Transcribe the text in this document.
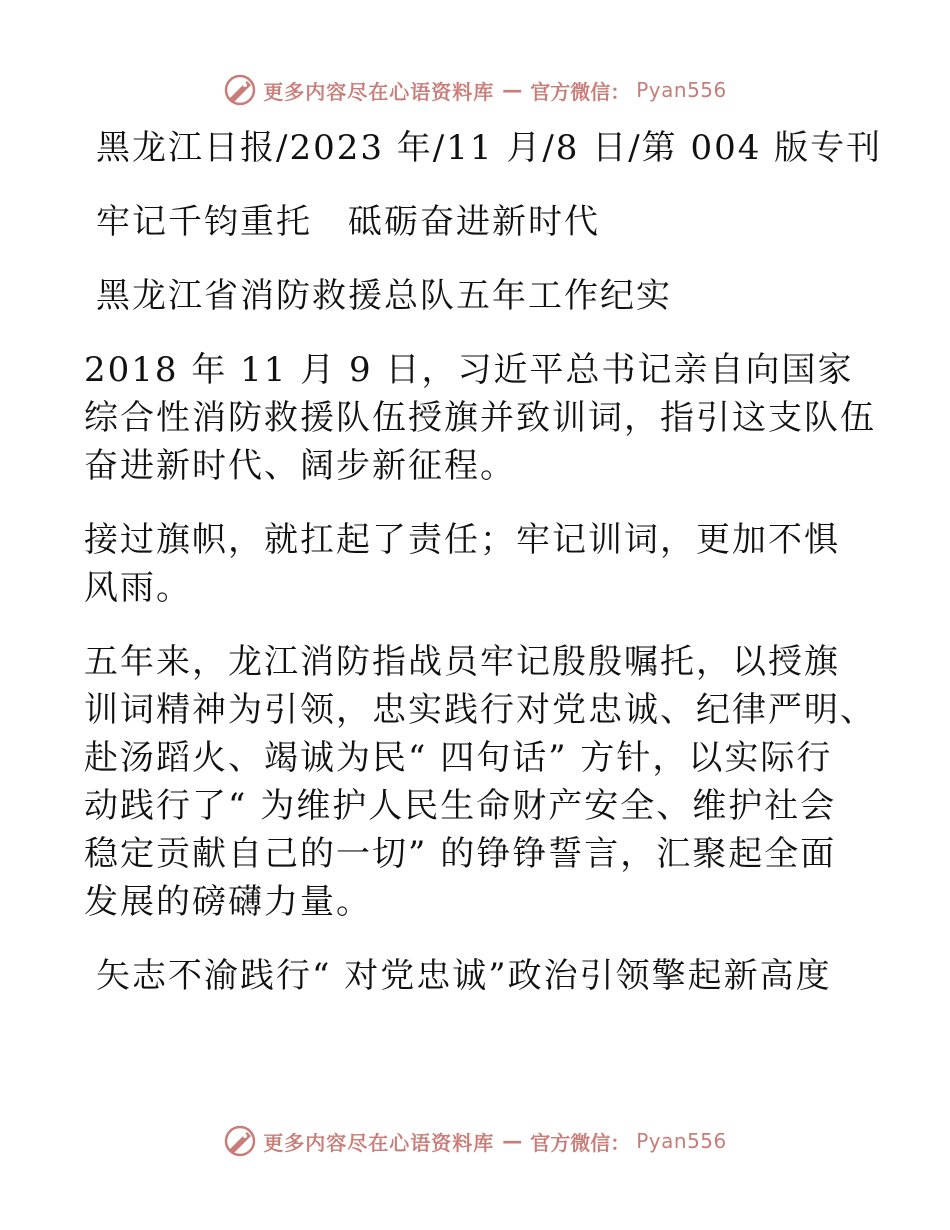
更多内容尽在心语资料库 — 官方微信： Pyan556

黑龙江日报/2023 年/11 月/8 日/第 004 版专刊

牢记千钧重托　砥砺奋进新时代

黑龙江省消防救援总队五年工作纪实

2018 年 11 月 9 日，习近平总书记亲自向国家
综合性消防救援队伍授旗并致训词，指引这支队伍
奋进新时代、阔步新征程。
接过旗帜，就扛起了责任；牢记训词，更加不惧
风雨。
五年来，龙江消防指战员牢记殷殷嘱托，以授旗
训词精神为引领，忠实践行对党忠诚、纪律严明、
赴汤蹈火、竭诚为民“ 四句话” 方针，以实际行
动践行了“ 为维护人民生命财产安全、维护社会
稳定贡献自己的一切” 的铮铮誓言，汇聚起全面
发展的磅礴力量。

矢志不渝践行“ 对党忠诚”政治引领擎起新高度

更多内容尽在心语资料库 — 官方微信： Pyan556
